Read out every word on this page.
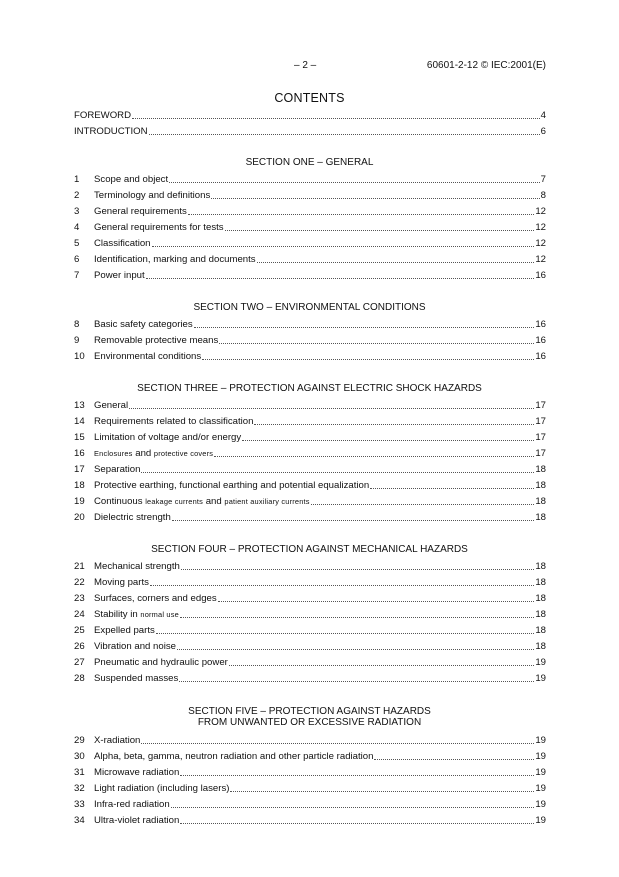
– 2 –	60601-2-12 © IEC:2001(E)
CONTENTS
FOREWORD	4
INTRODUCTION	6
SECTION ONE – GENERAL
1	Scope and object	7
2	Terminology and definitions	8
3	General requirements	12
4	General requirements for tests	12
5	Classification	12
6	Identification, marking and documents	12
7	Power input	16
SECTION TWO – ENVIRONMENTAL CONDITIONS
8	Basic safety categories	16
9	Removable protective means	16
10 Environmental conditions	16
SECTION THREE – PROTECTION AGAINST ELECTRIC SHOCK HAZARDS
13 General	17
14 Requirements related to classification	17
15 Limitation of voltage and/or energy	17
16	Enclosures and protective covers	17
17 Separation	18
18 Protective earthing, functional earthing and potential equalization	18
19 Continuous leakage currents and patient auxiliary currents	18
20 Dielectric strength	18
SECTION FOUR – PROTECTION AGAINST MECHANICAL HAZARDS
21 Mechanical strength	18
22 Moving parts	18
23 Surfaces, corners and edges	18
24 Stability in normal use	18
25 Expelled parts	18
26 Vibration and noise	18
27 Pneumatic and hydraulic power	19
28 Suspended masses	19
SECTION FIVE – PROTECTION AGAINST HAZARDS
FROM UNWANTED OR EXCESSIVE RADIATION
29 X-radiation	19
30 Alpha, beta, gamma, neutron radiation and other particle radiation	19
31 Microwave radiation	19
32 Light radiation (including lasers)	19
33 Infra-red radiation	19
34 Ultra-violet radiation	19
